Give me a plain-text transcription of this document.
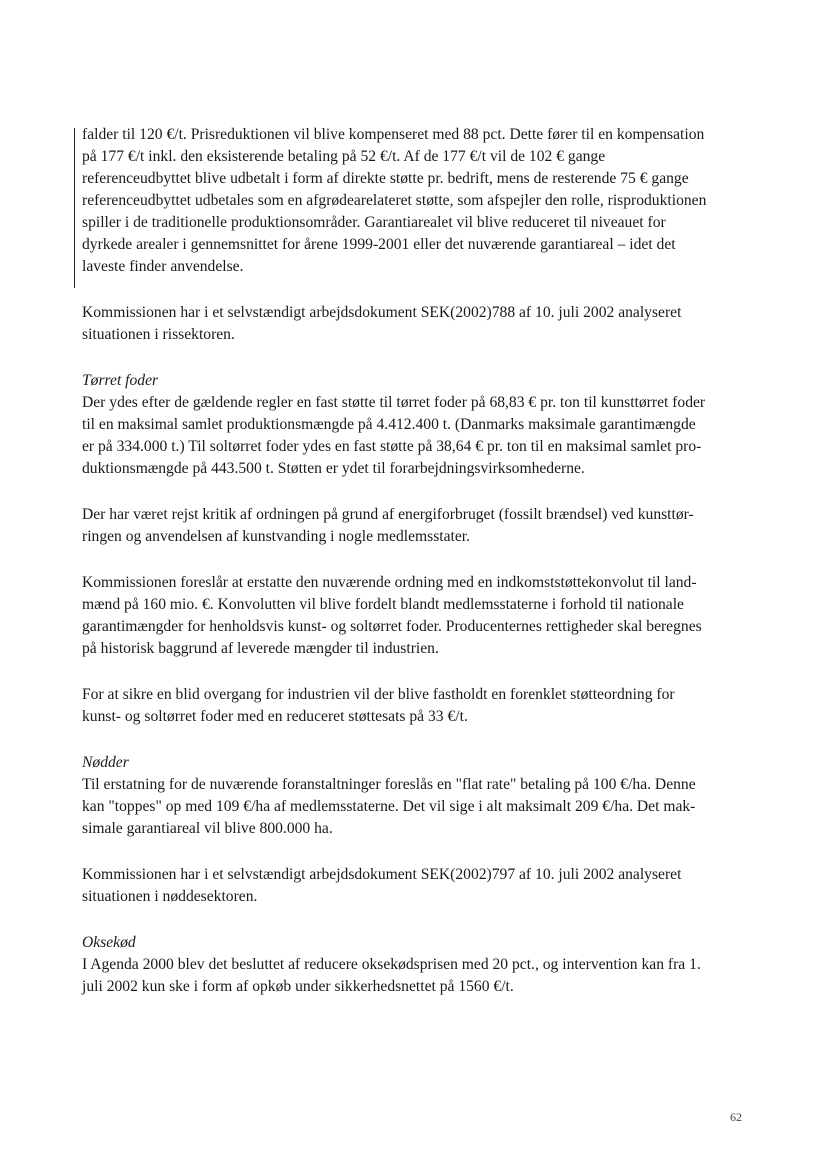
falder til 120 €/t. Prisreduktionen vil blive kompenseret med 88 pct. Dette fører til en kompensation
på 177 €/t inkl. den eksisterende betaling på 52 €/t. Af de 177 €/t vil de 102 € gange
referenceudbyttet blive udbetalt i form af direkte støtte pr. bedrift, mens de resterende 75 € gange
referenceudbyttet udbetales som en afgrødearelateret støtte, som afspejler den rolle, risproduktionen
spiller i de traditionelle produktionsområder. Garantiarealet vil blive reduceret til niveauet for
dyrkede arealer i gennemsnittet for årene 1999-2001 eller det nuværende garantiareal – idet det
laveste finder anvendelse.
Kommissionen har i et selvstændigt arbejdsdokument SEK(2002)788 af 10. juli 2002 analyseret
situationen i rissektoren.
Tørret foder
Der ydes efter de gældende regler en fast støtte til tørret foder på 68,83 € pr. ton til kunsttørret foder
til en maksimal samlet produktionsmængde på 4.412.400 t. (Danmarks maksimale garantimængde
er på 334.000 t.) Til soltørret foder ydes en fast støtte på 38,64 € pr. ton til en maksimal samlet pro-
duktionsmængde på 443.500 t. Støtten er ydet til forarbejdningsvirksomhederne.
Der har været rejst kritik af ordningen på grund af energiforbruget (fossilt brændsel) ved kunsttør-
ringen og anvendelsen af kunstvanding i nogle medlemsstater.
Kommissionen foreslår at erstatte den nuværende ordning med en indkomststøttekonvolut til land-
mænd på 160 mio. €. Konvolutten vil blive fordelt blandt medlemsstaterne i forhold til nationale
garantimængder for henholdsvis kunst- og soltørret foder. Producenternes rettigheder skal beregnes
på historisk baggrund af leverede mængder til industrien.
For at sikre en blid overgang for industrien vil der blive fastholdt en forenklet støtteordning for
kunst- og soltørret foder med en reduceret støttesats på 33 €/t.
Nødder
Til erstatning for de nuværende foranstaltninger foreslås en "flat rate" betaling på 100 €/ha. Denne
kan "toppes" op med 109 €/ha af medlemsstaterne. Det vil sige i alt maksimalt 209 €/ha. Det mak-
simale garantiareal vil blive 800.000 ha.
Kommissionen har i et selvstændigt arbejdsdokument SEK(2002)797 af 10. juli 2002 analyseret
situationen i nøddesektoren.
Oksekød
I Agenda 2000 blev det besluttet af reducere oksekødsprisen med 20 pct., og intervention kan fra 1.
juli 2002 kun ske i form af opkøb under sikkerhedsnettet på 1560 €/t.
62
